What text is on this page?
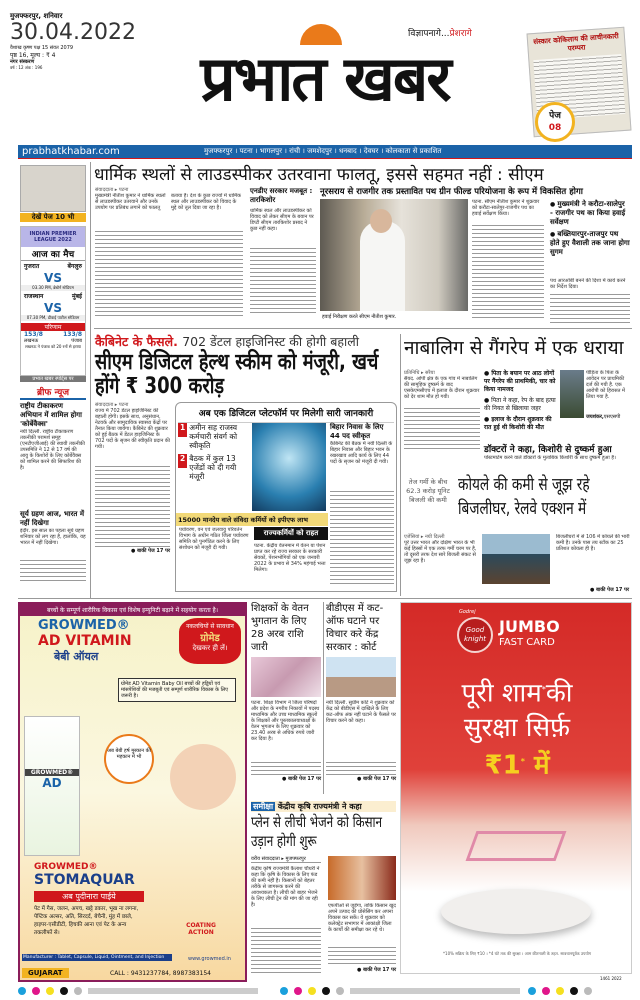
मुजफ्फरपुर, शनिवार
30.04.2022
वैशाख कृष्ण पक्ष 15 संवत 2079
पृष्ठ 16, मूल्य : ₹ 4
नगर संस्करण
वर्ष : 12 अंक : 196	प्रभात खबर
विज्ञापनागे...प्रेशरागे	संस्कार कोकिलाय की लाचीनकारी परम्परा
prabhatkhabar.com	मुजफ्फरपुर । पटना । भागलपुर । रांची । जमशेदपुर । धनबाद । देवघर । कोलकाता से प्रकाशित
पेज
08
धार्मिक स्थलों से लाउडस्पीकर उतरवाना फालतू, इससे सहमत नहीं : सीएम
देखें पेज 10 भी
INDIAN PREMIER LEAGUE 2022
आज का मैच
गुजरात	बेंगलुरु
VS
03.30 PM, ब्रेबोर्न स्टेडियम
राजस्थान	मुंबई
VS
07.30 PM, डीवाई पाटील स्टेडियम
परिणाम
153/8	133/8
लखनऊ	पंजाब
लखनऊ ने पंजाब को 20 रनों से हराया
प्रभात खबर स्पोर्ट्स पर
ब्रीफ न्यूज
राष्ट्रीय टीकाकरण अभियान में शामिल होगा 'कोर्बेवैक्स'
नयी दिल्ली. राष्ट्रीय टीकाकरण तकनीकी परामर्श समूह (एनटीएजीआई) की स्थायी तकनीकी उपसमिति ने 12 से 17 वर्ष की आयु के किशोरों के लिए कोर्बेवैक्स को शामिल करने की सिफारिश की है।
सूर्य ग्रहण आज, भारत में नहीं दिखेगा
इंदौर. इस साल का पहला सूर्य ग्रहण शनिवार को लग रहा है, हालांकि, यह भारत में नहीं दिखेगा।
संवाददाता ▸ पटना
मुख्यमंत्री नीतीश कुमार ने धार्मिक स्थलों से लाउडस्पीकर उतरवाने और उनके उपयोग पर प्रतिबंध लगाने को फालतू बताया है। देश के कुछ राज्यों में धार्मिक स्थल और लाउडस्पीकर को विवाद के मुद्दे को तूल दिया जा रहा है।
एनडीए सरकार मजबूत : तारकिशोर
धार्मिक स्थल और लाउडस्पीकर को विवाद को लेकर सीएम के बयान पर डिप्टी सीएम तारकिशोर प्रसाद ने कुछ नहीं कहा।
नूरसराय से राजगीर तक प्रस्तावित पथ ग्रीन फील्ड परियोजना के रूप में विकसित होगा
हवाई निरीक्षण करते सीएम नीतीश कुमार.
पटना. सीएम नीतीश कुमार ने शुक्रवार को करौटा-सालेपुर-राजगीर पथ का हवाई सर्वेक्षण किया।
● मुख्यमंत्री ने करौटा-सालेपुर - राजगीर पथ का किया हवाई सर्वेक्षण
● बख्तियारपुर-ताजपुर पथ होते हुए वैशाली तक जाना होगा सुगम
पथ आरओबी बनने की दिशा में कार्य करने का निर्देश दिया।
कैबिनेट के फैसले. 702 डेंटल हाइजिनिस्ट की होगी बहाली
सीएम डिजिटल हेल्थ स्कीम को मंजूरी, खर्च होंगे ₹ 300 करोड़
संवाददाता ▸ पटना
राज्य में 702 डेंटल हाइजिनिस्ट की बहाली होगी। इसके साथ, अनुसंधान, नेटवर्क और सामुदायिक स्वास्थ्य केंद्रों पर तैनात किया जायेगा। कैबिनेट की शुक्रवार को हुई बैठक में डेंटल हाइजिनिस्ट के 702 पदों के सृजन की स्वीकृति प्रदान की गयी।
● बाकी पेज 17 पर
अब एक डिजिटल प्लेटफॉर्म पर मिलेगी सारी जानकारी
1 अमीन सह राजस्व कर्मचारी संवर्ग को स्वीकृति
2 बैठक में कुल 13 एजेंडों को दी गयी मंजूरी
बिहार निवास के लिए 44 पद स्वीकृत
कैबिनेट की बैठक में नयी दिल्ली के बिहार निवास और बिहार भवन के रखरखाव आदि कार्य के लिए 44 पदों के सृजन को मंजूरी दी गयी।
15000 मानदेय वाले संविदा कर्मियों को इपीएफ लाभ
राज्यकर्मियों को राहत
पर्यावरण, वन एवं जलवायु परिवर्तन विभाग के अधीन गठित जिला पर्यावरण समिति को पुनर्गठित करने के लिए संशोधन को मंजूरी दी गयी।	पटना. केंद्रीय वेतनमान में वेतन या पेंशन प्राप्त कर रहे राज्य सरकार के सरकारी सेवकों, पेंशनभोगियों को एक जनवरी 2022 के प्रभाव से 34% महंगाई भत्ता मिलेगा।
नाबालिग से गैंगरेप में एक धराया
प्रतिनिधि ▸ सरैया
सैयद. ओपी क्षेत्र के एक गांव में नाबालिग की सामूहिक दुष्कर्म के बाद एसकेएमसीएच में इलाज के दौरान शुक्रवार को देर शाम मौत हो गयी।
● पिता के बयान पर आठ लोगों पर गैंगरेप की प्राथमिकी, चार को किया नामजद
● पिता ने कहा, रेप के बाद हत्या की नियत से खिलाया जहर
● इलाज के दौरान शुक्रवार की रात हुई थी किशोरी की मौत
पीड़िता के पिता के आवेदन पर प्राथमिकी दर्ज की गयी है. एक आरोपी को हिरासत में लिया गया है.
जयशंकर,एसएसपी
डॉक्टरों ने कहा, किशोरी से दुष्कर्म हुआ
पोस्टमार्टम करने वाले डॉक्टरों के मुताबिक किशोरी के साथ दुष्कर्म हुआ है।
तेज गर्मी के बीच 62.3 करोड़ यूनिट बिजली की कमी
कोयले की कमी से जूझ रहे बिजलीघर, रेलवे एक्शन में
एजेंसियां ▸ नयी दिल्ली
पूरे उत्तर भारत और दक्षिण भारत के भी कई हिस्सों में एक तरफ गर्मी चरम पर है, तो दूसरी तरफ देश सारे बिजली संकट से जूझ रहा है।
बिजलीघरों में से 106 में कोयले की भारी कमी है। उनके पास तय स्टॉक का 25 प्रतिशत कोयला ही है।
● बाकी पेज 17 पर
बच्चों के सम्पूर्ण शारीरिक विकास एवं विशेष इम्युनिटी बढ़ाने में सहयोग करता है।
GROWMED®
AD VITAMIN
बेबी ऑयल
नकलचियों से सावधान
ग्रोमेड
देखकर ही लें।
ग्रोमेड AD Vitamin Baby Oil बच्चों की हड्डियों एवं मांसपेशियों की मजबूती एवं सम्पूर्ण शारीरिक विकास के लिए जरूरी है।
GROWMED®
AD
अब बेबी हर्ष मुस्कान की महकान में भी
GROWMED®
STOMAQUAR
अब पुदीनारा पाईये
पेट में गैस, जलन, अपच, खट्टे डकार, भूख ना लगना, पेप्टिक अल्सर, अति, सिरदर्द, बेचैनी, मुंह में छाले, हाइपर-एसीडीटी, हिचकी आना एवं पेट के अन्य तकलीफों से।
COATING ACTION
Manufacturer : Tablet, Capsule, Liquid, Ointment, and Injection	www.growmed.in
GUJARAT	CALL : 9431237784, 8987383154
शिक्षकों के वेतन भुगतान के लिए 28 अरब राशि जारी
पटना. शिक्षा विभाग ने जिला परिषदों और प्रदेश के नगरीय निकायों में पदस्थ माध्यमिक और उच्च माध्यमिक स्कूलों के शिक्षकों और पुस्तकालयाध्यक्षों के वेतन भुगतान के लिए शुक्रवार को 23.40 अरब से अधिक रुपये जारी कर दिया है।
● बाकी पेज 17 पर
बीडीएस में कट-ऑफ घटाने पर विचार करे केंद्र सरकार : कोर्ट
नयी दिल्ली. सुप्रीम कोर्ट ने शुक्रवार को केंद्र को बीडीएस में दाखिले के लिए कट-ऑफ अंक नहीं घटाने के फैसले पर विचार करने को कहा।
● बाकी पेज 17 पर
समीक्षा केंद्रीय कृषि राज्यमंत्री ने कहा
प्लेन से लीची भेजने को किसान उड़ान होगी शुरू
वरीय संवाददाता ▸ मुजफ्फरपुर
केंद्रीय कृषि राज्यमंत्री कैलाश चौधरी ने कहा कि कृषि के विकास के लिए फंड की कमी नहीं है। किसानों को बेहतर तरीके से जागरूक करने की आवश्यकता है। लीची को बाहर भेजने के लिए लीची ट्रेन की मांग की जा रही है।	एफपीओ से जुड़ेगा, ताकि किसान खुद अपने उत्पाद की प्रोसेसिंग कर अपना विकास कर सकें। वे शुक्रवार को कलेक्ट्रेट सभागार में आकांक्षी जिला के कार्यों की समीक्षा कर रहे थे।
● बाकी पेज 17 पर
Godrej
Good knight
JUMBO
FAST CARD
पूरी शाम*की
सुरक्षा सिर्फ़
₹1* में
*10% सक्रिय के लिए ₹10 । *4 घंटे तक की सुरक्षा । आम कीटनाशी के तहत. सावधानपूर्वक उपयोग
1461 2022
